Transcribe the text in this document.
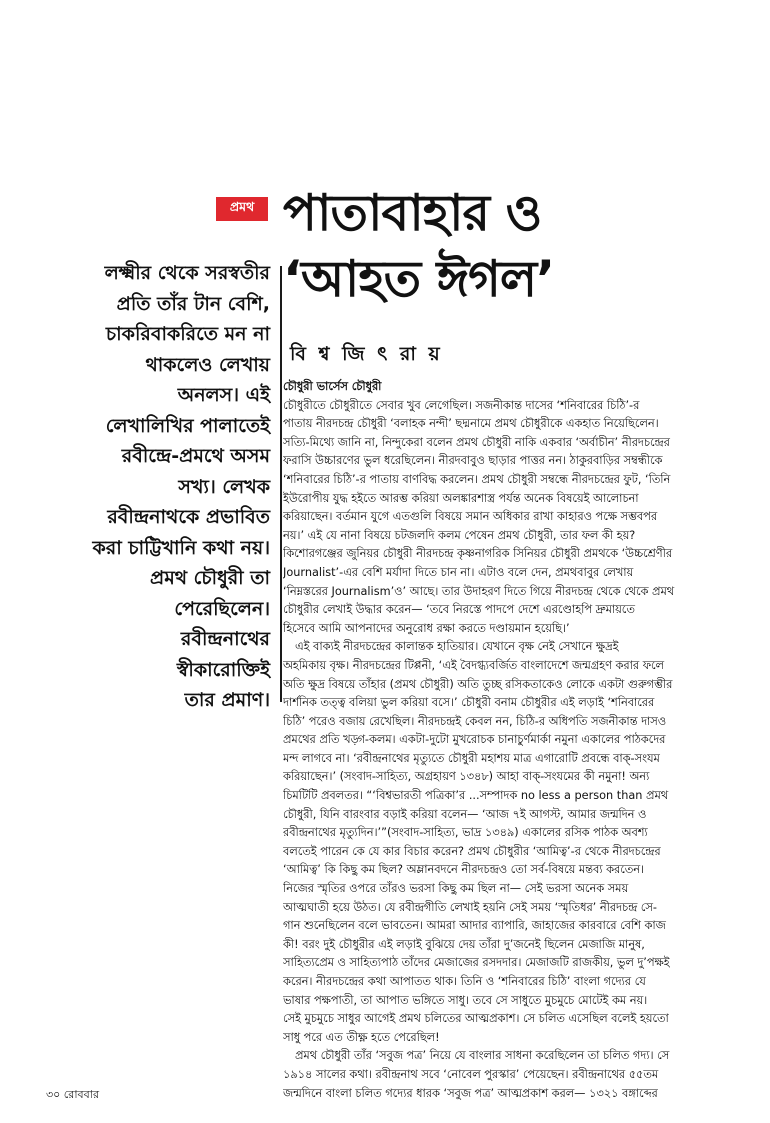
প্রমথ পাতাবাহার ও
‘আহত ঈগল’
বি শ্ব জি ৎ রা য়
লক্ষ্মীর থেকে সরস্বতীর
প্রতি তাঁর টান বেশি,
চাকরিবাকরিতে মন না
থাকলেও লেখায়
অনলস। এই
লেখালিখির পালাতেই
রবীন্দ্রে-প্রমথে অসম
সখ্য। লেখক
রবীন্দ্রনাথকে প্রভাবিত
করা চাট্টিখানি কথা নয়।
প্রমথ চৌধুরী তা
পেরেছিলেন।
রবীন্দ্রনাথের
স্বীকারোক্তিই
তার প্রমাণ।
চৌধুরী ভার্সেস চৌধুরী
চৌধুরীতে চৌধুরীতে সেবার খুব লেগেছিল। সজনীকান্ত দাসের ‘শনিবারের চিঠি’-র
পাতায় নীরদচন্দ্র চৌধুরী ‘বলাহক নন্দী’ ছদ্মনামে প্রমথ চৌধুরীকে একহাত নিয়েছিলেন।
সত্যি-মিথ্যে জানি না, নিন্দুকেরা বলেন প্রমথ চৌধুরী নাকি একবার ‘অর্বাচীন’ নীরদচন্দ্রের
ফরাসি উচ্চারণের ভুল ধরেছিলেন। নীরদবাবুও ছাড়ার পাত্তর নন। ঠাকুরবাড়ির সম্বন্ধীকে
‘শনিবারের চিঠি’-র পাতায় বাণবিদ্ধ করলেন। প্রমথ চৌধুরী সম্বন্ধে নীরদচন্দ্রের ফুট, ‘তিনি
ইউরোপীয় যুদ্ধ হইতে আরম্ভ করিয়া অলঙ্কারশাস্ত্র পর্যন্ত অনেক বিষয়েই আলোচনা
করিয়াছেন। বর্তমান যুগে এতগুলি বিষয়ে সমান অধিকার রাখা কাহারও পক্ষে সম্ভবপর
নয়।’ এই যে নানা বিষয়ে চটজলদি কলম পেষেন প্রমথ চৌধুরী, তার ফল কী হয়?
কিশোরগঞ্জের জুনিয়র চৌধুরী নীরদচন্দ্র কৃষ্ণনাগরিক সিনিয়র চৌধুরী প্রমথকে ‘উচ্চশ্রেণীর
Journalist’-এর বেশি মর্যাদা দিতে চান না। এটাও বলে দেন, প্রমথবাবুর লেখায়
‘নিম্নস্তরের Journalism’ও’ আছে। তার উদাহরণ দিতে গিয়ে নীরদচন্দ্র থেকে থেকে প্রমথ
চৌধুরীর লেখাই উদ্ধার করেন— ‘তবে নিরস্তে পাদপে দেশে এরণ্ডোহপি দ্রুমায়তে
হিসেবে আমি আপনাদের অনুরোধ রক্ষা করতে দণ্ডায়মান হয়েছি।’
এই বাক্যই নীরদচন্দ্রের কালান্তক হাতিয়ার। যেখানে বৃক্ষ নেই সেখানে ক্ষুদ্রই
অহমিকায় বৃক্ষ। নীরদচন্দ্রের টিপ্পনী, ‘এই বৈদগ্ধ্যবর্জিত বাংলাদেশে জন্মগ্রহণ করার ফলে
অতি ক্ষুদ্র বিষয়ে তাঁহার (প্রমথ চৌধুরী) অতি তুচ্ছ রসিকতাকেও লোকে একটা গুরুগম্ভীর
দার্শনিক তত্ত্ব বলিয়া ভুল করিয়া বসে।’ চৌধুরী বনাম চৌধুরীর এই লড়াই ‘শনিবারের
চিঠি’ পরেও বজায় রেখেছিল। নীরদচন্দ্রই কেবল নন, চিঠি-র অধিপতি সজনীকান্ত দাসও
প্রমথের প্রতি খড়্গ-কলম। একটা-দুটো মুখরোচক চানাচুর্ণমার্কা নমুনা একালের পাঠকদের
মন্দ লাগবে না। ‘রবীন্দ্রনাথের মৃত্যুতে চৌধুরী মহাশয় মাত্র এগারোটি প্রবন্ধে বাক্-সংযম
করিয়াছেন।’ (সংবাদ-সাহিত্য, অগ্রহায়ণ ১৩৪৮) আহা বাক্-সংযমের কী নমুনা! অন্য
চিমটিটি প্রবলতর। “‘বিশ্বভারতী পত্রিকা’র ...সম্পাদক no less a person than প্রমথ
চৌধুরী, যিনি বারংবার বড়াই করিয়া বলেন— ‘আজ ৭ই আগস্ট, আমার জন্মদিন ও
রবীন্দ্রনাথের মৃত্যুদিন।’”(সংবাদ-সাহিত্য, ভাদ্র ১৩৪৯) একালের রসিক পাঠক অবশ্য
বলতেই পারেন কে যে কার বিচার করেন? প্রমথ চৌধুরীর ‘আমিত্ব’-র থেকে নীরদচন্দ্রের
‘আমিত্ব’ কি কিছু কম ছিল? অম্লানবদনে নীরদচন্দ্রও তো সর্ব-বিষয়ে মন্তব্য করতেন।
নিজের স্মৃতির ওপরে তাঁরও ভরসা কিছু কম ছিল না— সেই ভরসা অনেক সময়
আত্মঘাতী হয়ে উঠত। যে রবীন্দ্রগীতি লেখাই হয়নি সেই সময় ‘স্মৃতিধর’ নীরদচন্দ্র সে-
গান শুনেছিলেন বলে ভাবতেন। আমরা আদার ব্যাপারি, জাহাজের কারবারে বেশি কাজ
কী! বরং দুই চৌধুরীর এই লড়াই বুঝিয়ে দেয় তাঁরা দু’জনেই ছিলেন মেজাজি মানুষ,
সাহিত্যপ্রেম ও সাহিত্যপাঠ তাঁদের মেজাজের রসদদার। মেজাজটি রাজকীয়, ভুল দু’পক্ষই
করেন। নীরদচন্দ্রের কথা আপাতত থাক। তিনি ও ‘শনিবারের চিঠি’ বাংলা গদ্যের যে
ভাষার পক্ষপাতী, তা আপাত ভঙ্গিতে সাধু। তবে সে সাধুতে মুচমুচে মোটেই কম নয়।
সেই মুচমুচে সাধুর আগেই প্রমথ চলিতের আত্মপ্রকাশ। সে চলিত এসেছিল বলেই হয়তো
সাধু পরে এত তীক্ষ্ণ হতে পেরেছিল!
প্রমথ চৌধুরী তাঁর ‘সবুজ পত্র’ নিয়ে যে বাংলার সাধনা করেছিলেন তা চলিত গদ্য। সে
১৯১৪ সালের কথা। রবীন্দ্রনাথ সবে ‘নোবেল পুরস্কার’ পেয়েছেন। রবীন্দ্রনাথের ৫৫তম
জন্মদিনে বাংলা চলিত গদ্যের ধারক ‘সবুজ পত্র’ আত্মপ্রকাশ করল— ১৩২১ বঙ্গাব্দের
৩০ রোববার
